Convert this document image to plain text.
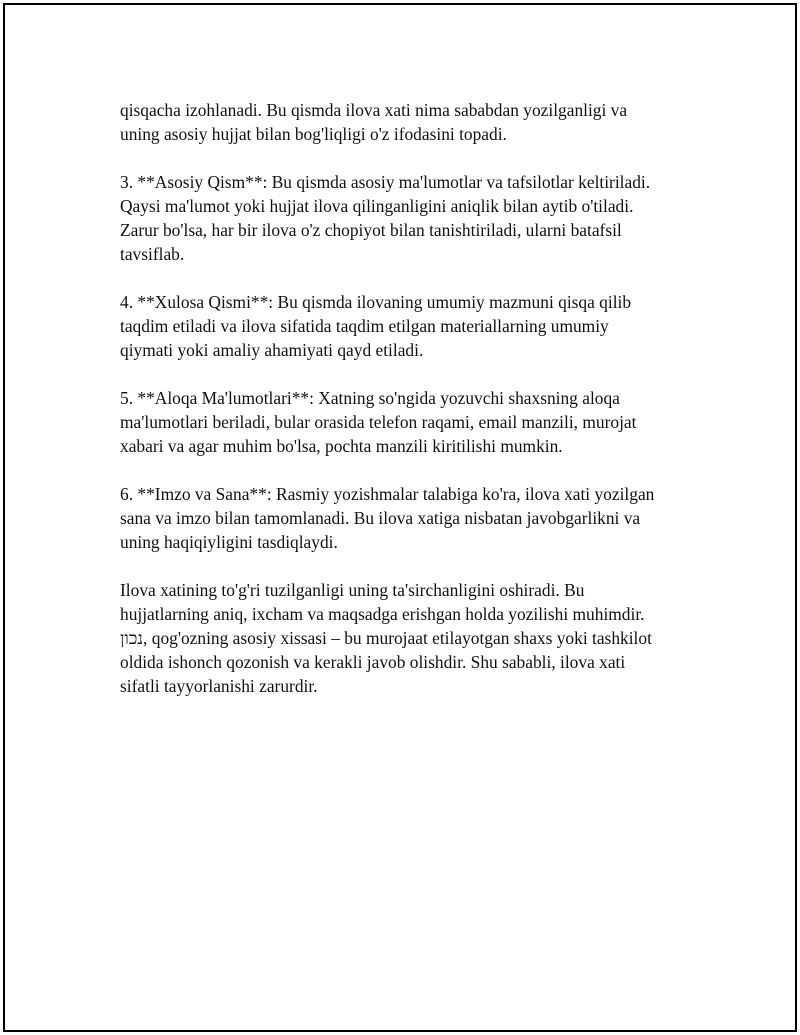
qisqacha izohlanadi. Bu qismda ilova xati nima sababdan yozilganligi va
uning asosiy hujjat bilan bog'liqligi o'z ifodasini topadi.

3. **Asosiy Qism**: Bu qismda asosiy ma'lumotlar va tafsilotlar keltiriladi.
Qaysi ma'lumot yoki hujjat ilova qilinganligini aniqlik bilan aytib o'tiladi.
Zarur bo'lsa, har bir ilova o'z chopiyot bilan tanishtiriladi, ularni batafsil
tavsiflab.

4. **Xulosa Qismi**: Bu qismda ilovaning umumiy mazmuni qisqa qilib
taqdim etiladi va ilova sifatida taqdim etilgan materiallarning umumiy
qiymati yoki amaliy ahamiyati qayd etiladi.

5. **Aloqa Ma'lumotlari**: Xatning so'ngida yozuvchi shaxsning aloqa
ma'lumotlari beriladi, bular orasida telefon raqami, email manzili, murojat
xabari va agar muhim bo'lsa, pochta manzili kiritilishi mumkin.

6. **Imzo va Sana**: Rasmiy yozishmalar talabiga ko'ra, ilova xati yozilgan
sana va imzo bilan tamomlanadi. Bu ilova xatiga nisbatan javobgarlikni va
uning haqiqiyligini tasdiqlaydi.

Ilova xatining to'g'ri tuzilganligi uning ta'sirchanligini oshiradi. Bu
hujjatlarning aniq, ixcham va maqsadga erishgan holda yozilishi muhimdir.
נכון, qog'ozning asosiy xissasi – bu murojaat etilayotgan shaxs yoki tashkilot
oldida ishonch qozonish va kerakli javob olishdir. Shu sababli, ilova xati
sifatli tayyorlanishi zarurdir.
